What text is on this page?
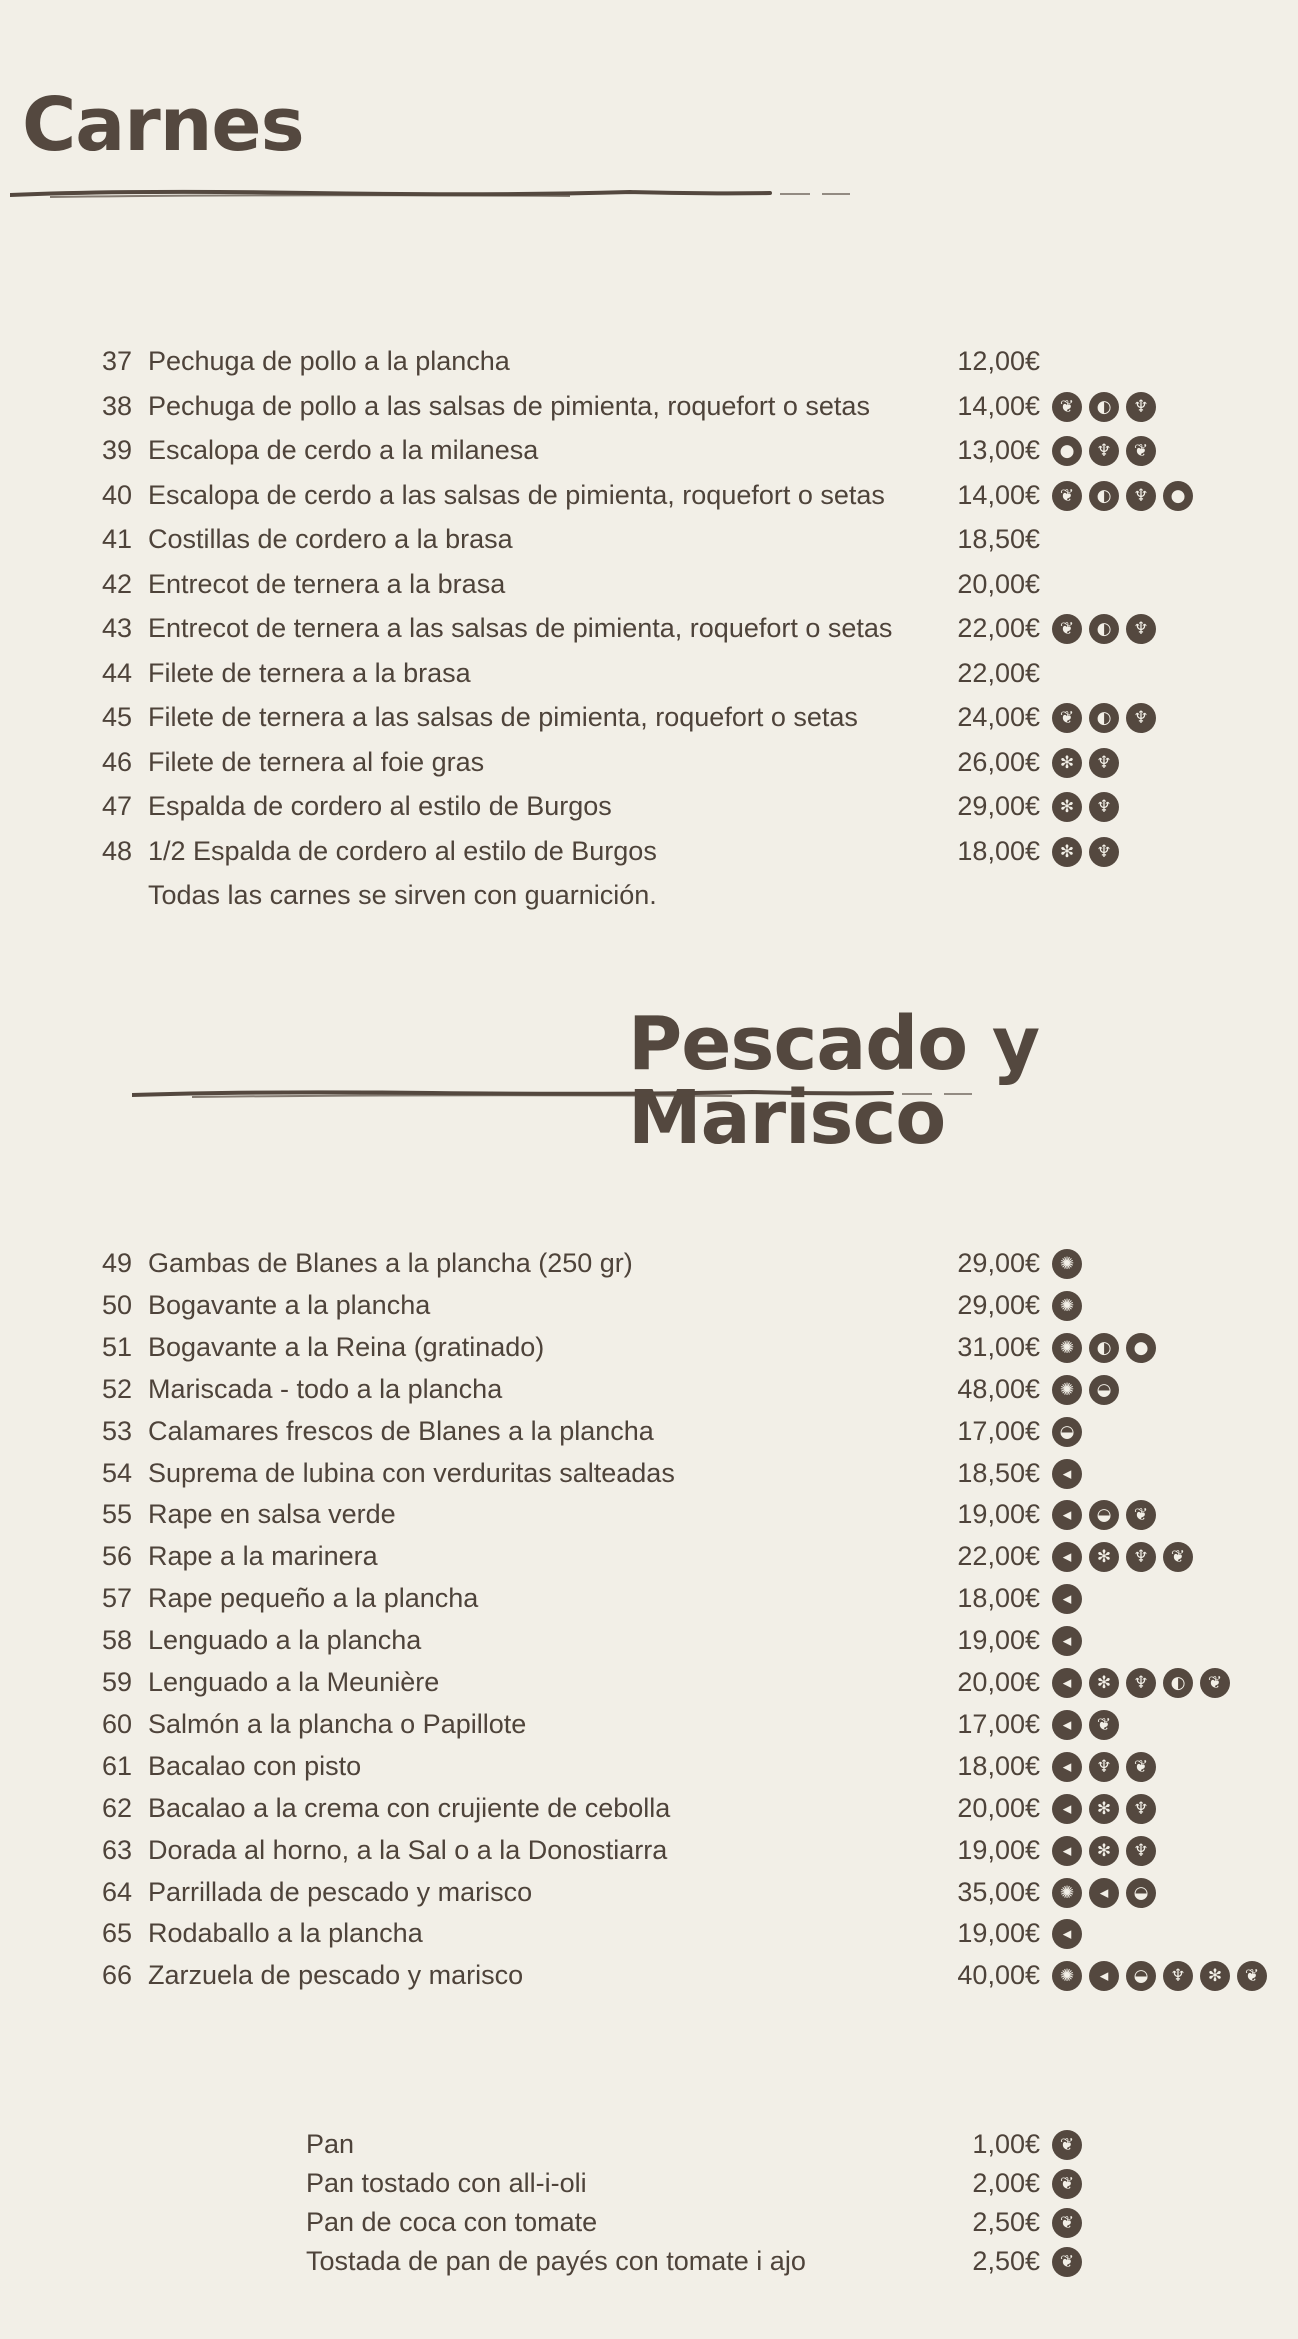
Carnes
37 Pechuga de pollo a la plancha	12,00€
38 Pechuga de pollo a las salsas de pimienta, roquefort o setas	14,00€	❦	◐	♆
39 Escalopa de cerdo a la milanesa	13,00€	●	♆	❦
40 Escalopa de cerdo a las salsas de pimienta, roquefort o setas	14,00€	❦	◐	♆	●
41 Costillas de cordero a la brasa	18,50€
42 Entrecot de ternera a la brasa	20,00€
43 Entrecot de ternera a las salsas de pimienta, roquefort o setas 22,00€	❦	◐	♆
44 Filete de ternera a la brasa	22,00€
45 Filete de ternera a las salsas de pimienta, roquefort o setas	24,00€	❦	◐	♆
46 Filete de ternera al foie gras	26,00€	✻	♆
47 Espalda de cordero al estilo de Burgos	29,00€	✻	♆
48 1/2 Espalda de cordero al estilo de Burgos	18,00€	✻	♆
Todas las carnes se sirven con guarnición.
Pescado y Marisco
49 Gambas de Blanes a la plancha (250 gr)	29,00€	✺
50 Bogavante a la plancha	29,00€	✺
51 Bogavante a la Reina (gratinado)	31,00€	✺	◐	●
52 Mariscada - todo a la plancha	48,00€	✺	◒
53 Calamares frescos de Blanes a la plancha	17,00€	◒
54 Suprema de lubina con verduritas salteadas	18,50€	◂
55 Rape en salsa verde	19,00€	◂	◒	❦
56 Rape a la marinera	22,00€	◂	✻	♆	❦
57 Rape pequeño a la plancha	18,00€	◂
58 Lenguado a la plancha	19,00€	◂
59 Lenguado a la Meunière	20,00€	◂	✻	♆	◐	❦
60 Salmón a la plancha o Papillote	17,00€	◂	❦
61 Bacalao con pisto	18,00€	◂	♆	❦
62 Bacalao a la crema con crujiente de cebolla	20,00€	◂	✻	♆
63 Dorada al horno, a la Sal o a la Donostiarra	19,00€	◂	✻	♆
64 Parrillada de pescado y marisco	35,00€	✺	◂	◒
65 Rodaballo a la plancha	19,00€	◂
66 Zarzuela de pescado y marisco	40,00€	✺	◂	◒	♆	✻	❦
Pan	1,00€	❦
Pan tostado con all-i-oli	2,00€	❦
Pan de coca con tomate	2,50€	❦
Tostada de pan de payés con tomate i ajo	2,50€	❦
